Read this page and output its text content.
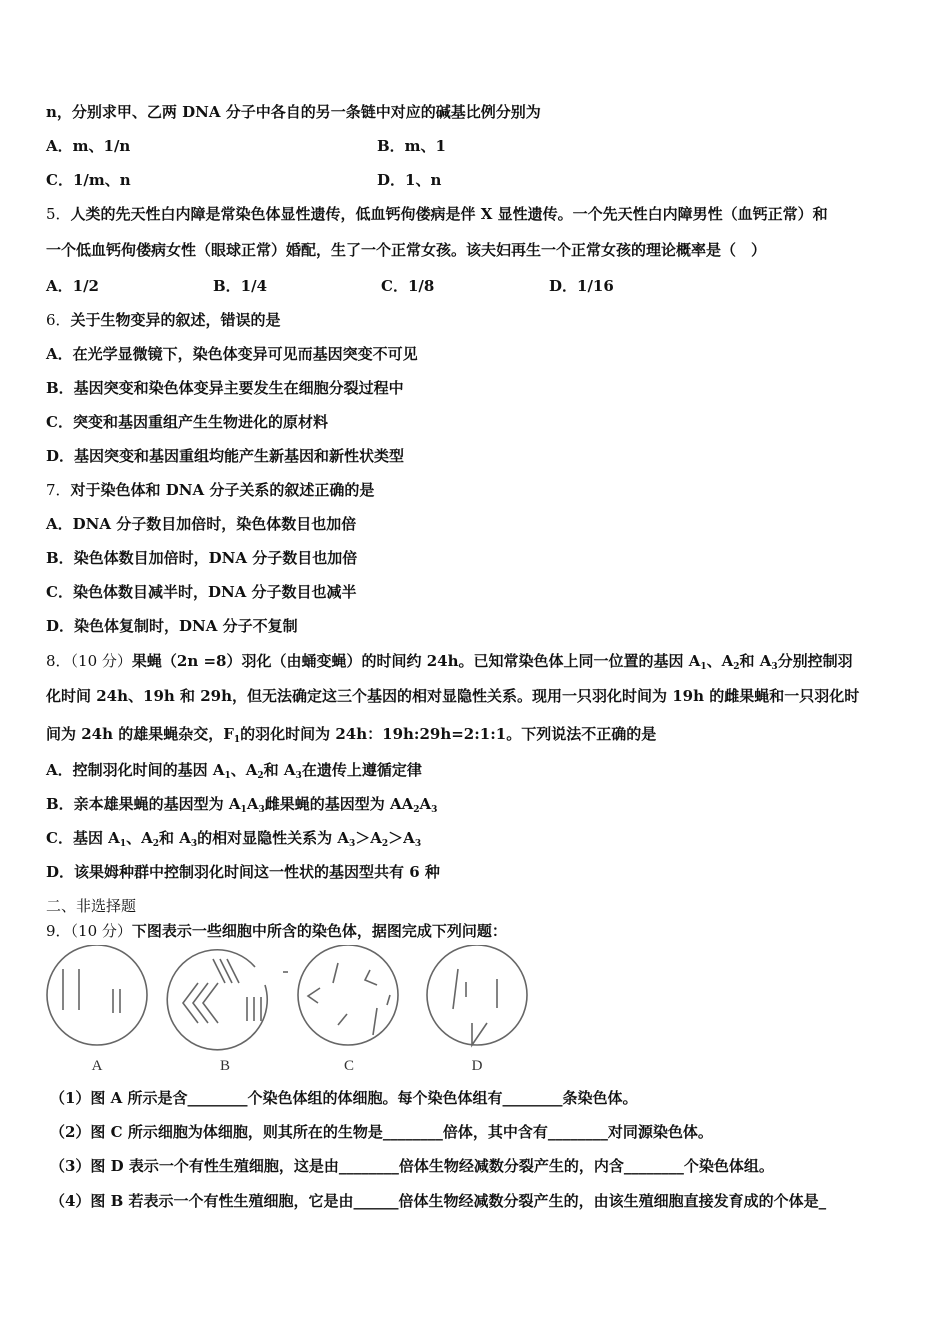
n，分别求甲、乙两 DNA 分子中各自的另一条链中对应的碱基比例分别为
A．m、1/n	B．m、1
C．1/m、n	D．1、n
5．人类的先天性白内障是常染色体显性遗传，低血钙佝偻病是伴 X 显性遗传。一个先天性白内障男性（血钙正常）和
一个低血钙佝偻病女性（眼球正常）婚配，生了一个正常女孩。该夫妇再生一个正常女孩的理论概率是（　）
A．1/2	B．1/4	C．1/8	D．1/16
6．关于生物变异的叙述，错误的是
A．在光学显微镜下，染色体变异可见而基因突变不可见
B．基因突变和染色体变异主要发生在细胞分裂过程中
C．突变和基因重组产生生物进化的原材料
D．基因突变和基因重组均能产生新基因和新性状类型
7．对于染色体和 DNA 分子关系的叙述正确的是
A．DNA 分子数目加倍时，染色体数目也加倍
B．染色体数目加倍时，DNA 分子数目也加倍
C．染色体数目减半时，DNA 分子数目也减半
D．染色体复制时，DNA 分子不复制
8．（10 分）果蝇（2n =8）羽化（由蛹变蝇）的时间约 24h。已知常染色体上同一位置的基因 $A_1$、$A_2$和 $A_3$分别控制羽
化时间 24h、19h 和 29h，但无法确定这三个基因的相对显隐性关系。现用一只羽化时间为 19h 的雌果蝇和一只羽化时
间为 24h 的雄果蝇杂交，$F_1$的羽化时间为 24h：19h:29h=2:1:1。下列说法不正确的是
A．控制羽化时间的基因 $A_1$、$A_2$和 $A_3$在遗传上遵循定律
B．亲本雄果蝇的基因型为 $A_1A_3$雌果蝇的基因型为 $AA_2A_3$
C．基因 $A_1$、$A_2$和 $A_3$的相对显隐性关系为 $A_3>A_2>A_3$
D．该果姆种群中控制羽化时间这一性状的基因型共有 6 种
二、非选择题
9．（10 分）下图表示一些细胞中所含的染色体，据图完成下列问题：
A	B	C	D
（1）图 A 所示是含________个染色体组的体细胞。每个染色体组有________条染色体。
（2）图 C 所示细胞为体细胞，则其所在的生物是________倍体，其中含有________对同源染色体。
（3）图 D 表示一个有性生殖细胞，这是由________倍体生物经减数分裂产生的，内含________个染色体组。
（4）图 B 若表示一个有性生殖细胞，它是由______倍体生物经减数分裂产生的，由该生殖细胞直接发育成的个体是_
